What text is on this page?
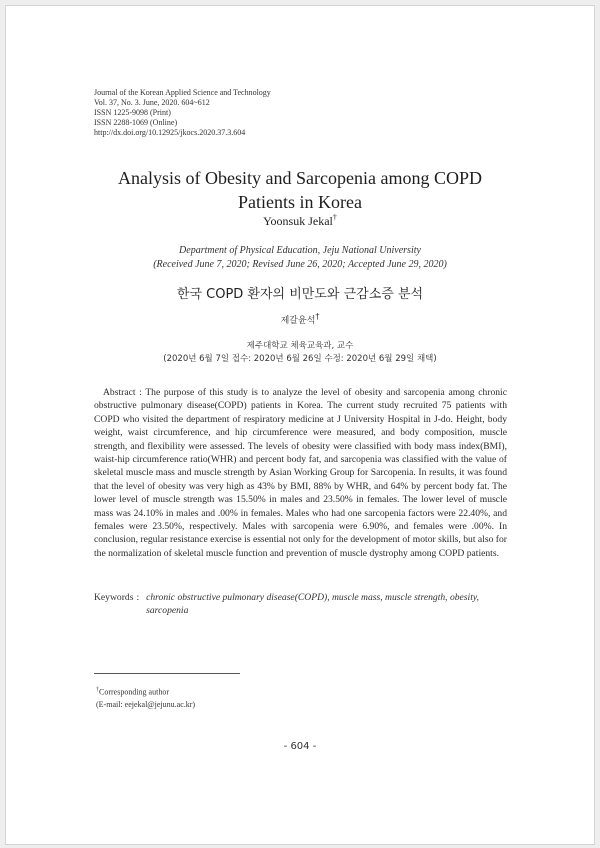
Journal of the Korean Applied Science and Technology
Vol. 37, No. 3. June, 2020. 604~612
ISSN 1225-9098 (Print)
ISSN 2288-1069 (Online)
http://dx.doi.org/10.12925/jkocs.2020.37.3.604
Analysis of Obesity and Sarcopenia among COPD
Patients in Korea
Yoonsuk Jekal†
Department of Physical Education, Jeju National University
(Received June 7, 2020; Revised June 26, 2020; Accepted June 29, 2020)
한국 COPD 환자의 비만도와 근감소증 분석
제갈윤석†
제주대학교 체육교육과, 교수
(2020년 6월 7일 접수: 2020년 6월 26일 수정: 2020년 6월 29일 채택)
Abstract : The purpose of this study is to analyze the level of obesity and sarcopenia among chronic obstructive pulmonary disease(COPD) patients in Korea. The current study recruited 75 patients with COPD who visited the department of respiratory medicine at J University Hospital in J-do. Height, body weight, waist circumference, and hip circumference were measured, and body composition, muscle strength, and flexibility were assessed. The levels of obesity were classified with body mass index(BMI), waist-hip circumference ratio(WHR) and percent body fat, and sarcopenia was classified with the value of skeletal muscle mass and muscle strength by Asian Working Group for Sarcopenia. In results, it was found that the level of obesity was very high as 43% by BMI, 88% by WHR, and 64% by percent body fat. The lower level of muscle strength was 15.50% in males and 23.50% in females. The lower level of muscle mass was 24.10% in males and .00% in females. Males who had one sarcopenia factors were 22.40%, and females were 23.50%, respectively. Males with sarcopenia were 6.90%, and females were .00%. In conclusion, regular resistance exercise is essential not only for the development of motor skills, but also for the normalization of skeletal muscle function and prevention of muscle dystrophy among COPD patients.
Keywords : chronic obstructive pulmonary disease(COPD), muscle mass, muscle strength, obesity, sarcopenia
†Corresponding author
(E-mail: eejekal@jejunu.ac.kr)
- 604 -
